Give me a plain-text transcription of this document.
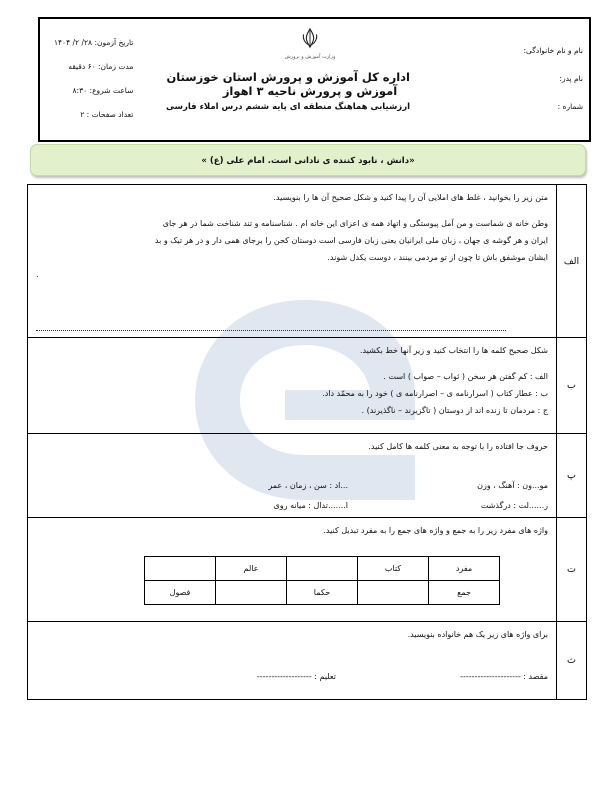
نام و نام خانوادگی:
نام پدر:
شماره :
وزارت آموزش و پرورش
اداره کل آموزش و پرورش استان خوزستان
آموزش و پرورش ناحیه ۳ اهواز
ارزشیابی هماهنگ منطقه ای پایه ششم درس املاء فارسی
تاریخ آزمون: ۲۸/ ۲/ ۱۴۰۴
مدت زمان: ۶۰ دقیقه
ساعت شروع: ۸:۳۰
تعداد صفحات : ۲
«دانش ، نابود کننده ی نادانی است. امام علی (ع) »
متن زیر را بخوانید ، غلط های املایی آن را پیدا کنید و شکل صحیح آن ها را بنویسید.
وطن خانه ی شماست و من آمل پیوستگی و اتهاد همه ی اعزای این خانه ام . شناسنامه و تند شناخت شما در هر جای
ایران و هر گوشه ی جهان ، زبان ملی ایرانیان یعنی زبان فارسی است دوستان کحن را برجای همی دار و در هر تیک و بد
ایشان موشفق باش تا چون از تو مردمی بینند ، دوست یکدل شوند.
.
الف
شکل صحیح کلمه ها را انتخاب کنید و زیر آنها خط بکشید.
الف : کم گفتن هر سخن ( ثواب – صواب ) است .
ب : عطار کتاب ( اسرارنامه ی – اصرارنامه ی ) خود را به محمّد داد.
ج : مردمان تا زنده اند از دوستان ( تاگزیرند – ناگذیرند) .
ب
حروف جا افتاده را با توجه به معنی کلمه ها کامل کنید.
مو...ون : آهنگ ، وزن
...اد : سن ، زمان ، عمر
ر......لت : درگذشت
ا.......تدال : میانه روی
پ
واژه های مفرد زیر را به جمع و واژه های جمع را به مفرد تبدیل کنید.
مفرد	کتاب		عالم	
جمع		حکما		فصول
ت
برای واژه های زیر یک هم خانواده بنویسید.
مقصد : ---------------------
تعلیم : -------------------
ث
